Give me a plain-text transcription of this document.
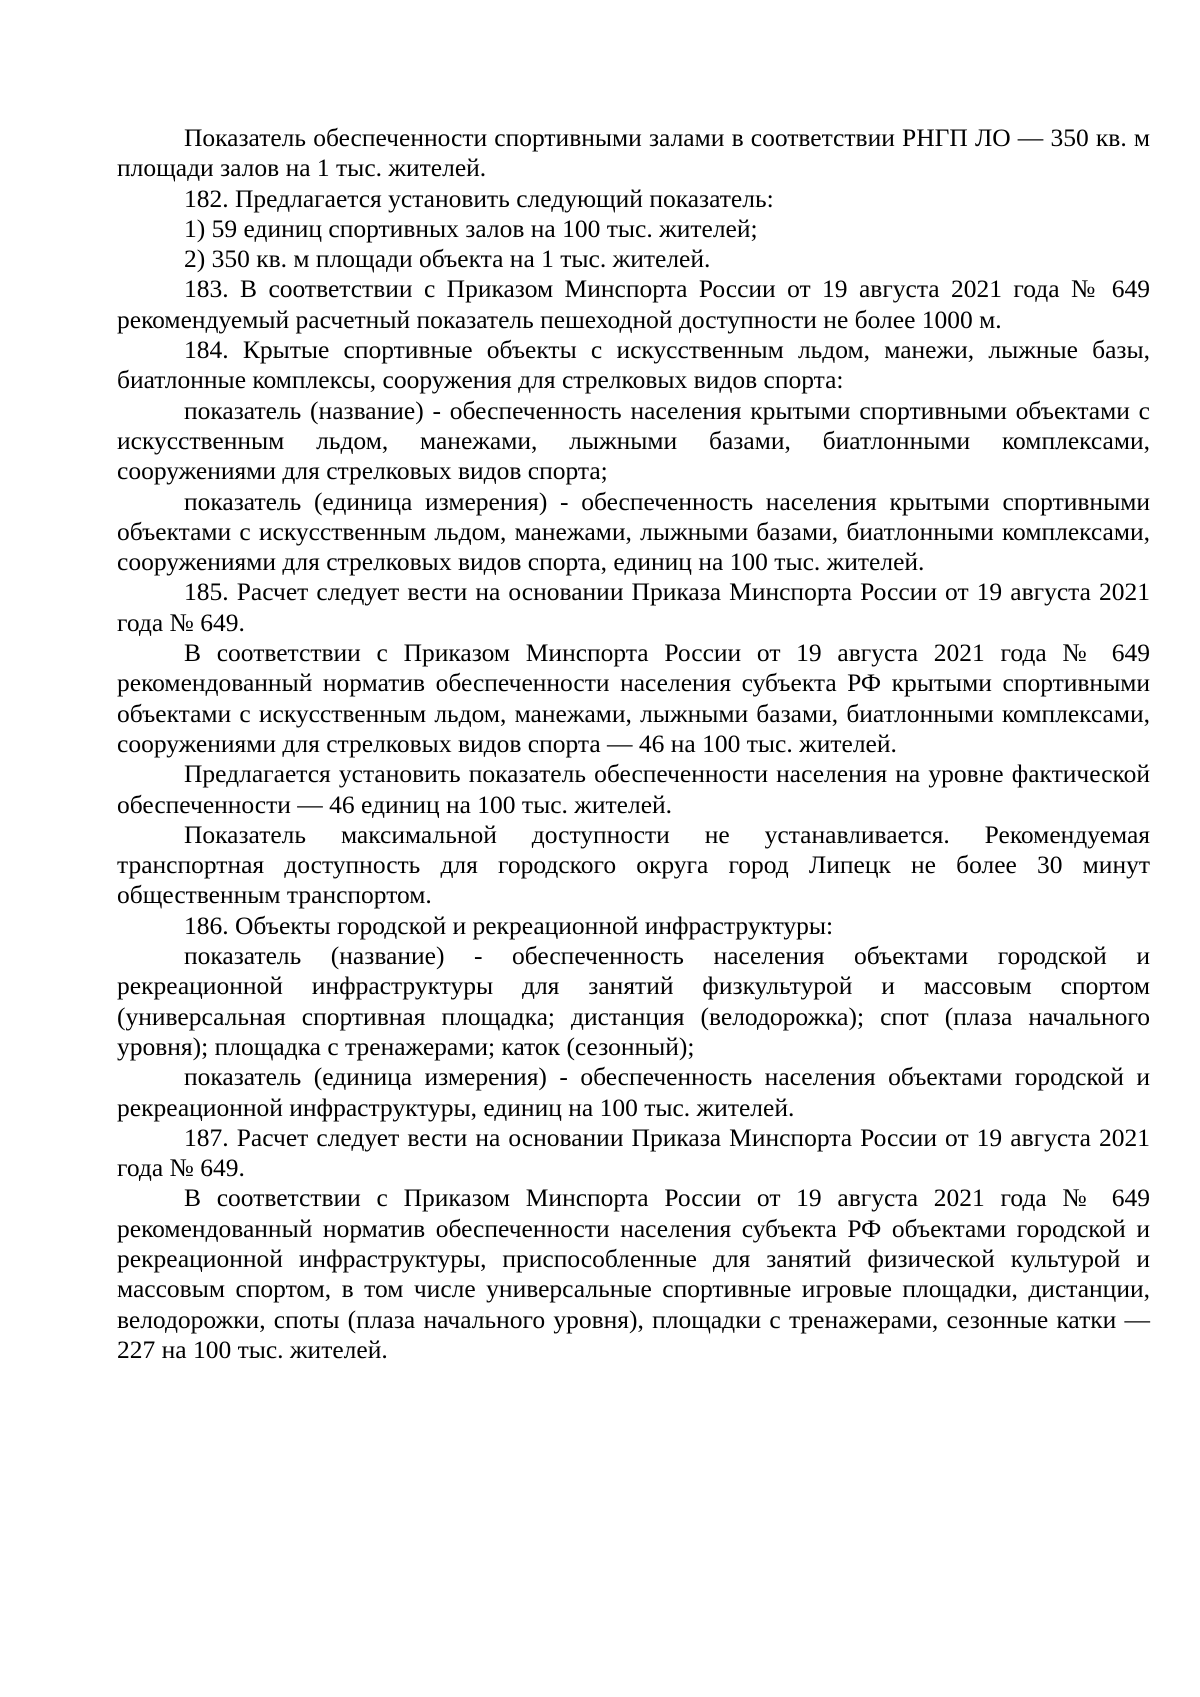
Показатель обеспеченности спортивными залами в соответствии РНГП ЛО — 350 кв. м площади залов на 1 тыс. жителей.

182. Предлагается установить следующий показатель:

1) 59 единиц спортивных залов на 100 тыс. жителей;

2) 350 кв. м площади объекта на 1 тыс. жителей.

183. В соответствии с Приказом Минспорта России от 19 августа 2021 года № 649 рекомендуемый расчетный показатель пешеходной доступности не более 1000 м.

184. Крытые спортивные объекты с искусственным льдом, манежи, лыжные базы, биатлонные комплексы, сооружения для стрелковых видов спорта:

показатель (название) - обеспеченность населения крытыми спортивными объектами с искусственным льдом, манежами, лыжными базами, биатлонными комплексами, сооружениями для стрелковых видов спорта;

показатель (единица измерения) - обеспеченность населения крытыми спортивными объектами с искусственным льдом, манежами, лыжными базами, биатлонными комплексами, сооружениями для стрелковых видов спорта, единиц на 100 тыс. жителей.

185. Расчет следует вести на основании Приказа Минспорта России от 19 августа 2021 года № 649.

В соответствии с Приказом Минспорта России от 19 августа 2021 года № 649 рекомендованный норматив обеспеченности населения субъекта РФ крытыми спортивными объектами с искусственным льдом, манежами, лыжными базами, биатлонными комплексами, сооружениями для стрелковых видов спорта — 46 на 100 тыс. жителей.

Предлагается установить показатель обеспеченности населения на уровне фактической обеспеченности — 46 единиц на 100 тыс. жителей.

Показатель максимальной доступности не устанавливается. Рекомендуемая транспортная доступность для городского округа город Липецк не более 30 минут общественным транспортом.

186. Объекты городской и рекреационной инфраструктуры:

показатель (название) - обеспеченность населения объектами городской и рекреационной инфраструктуры для занятий физкультурой и массовым спортом (универсальная спортивная площадка; дистанция (велодорожка); спот (плаза начального уровня); площадка с тренажерами; каток (сезонный);

показатель (единица измерения) - обеспеченность населения объектами городской и рекреационной инфраструктуры, единиц на 100 тыс. жителей.

187. Расчет следует вести на основании Приказа Минспорта России от 19 августа 2021 года № 649.

В соответствии с Приказом Минспорта России от 19 августа 2021 года № 649 рекомендованный норматив обеспеченности населения субъекта РФ объектами городской и рекреационной инфраструктуры, приспособленные для занятий физической культурой и массовым спортом, в том числе универсальные спортивные игровые площадки, дистанции, велодорожки, споты (плаза начального уровня), площадки с тренажерами, сезонные катки — 227 на 100 тыс. жителей.
